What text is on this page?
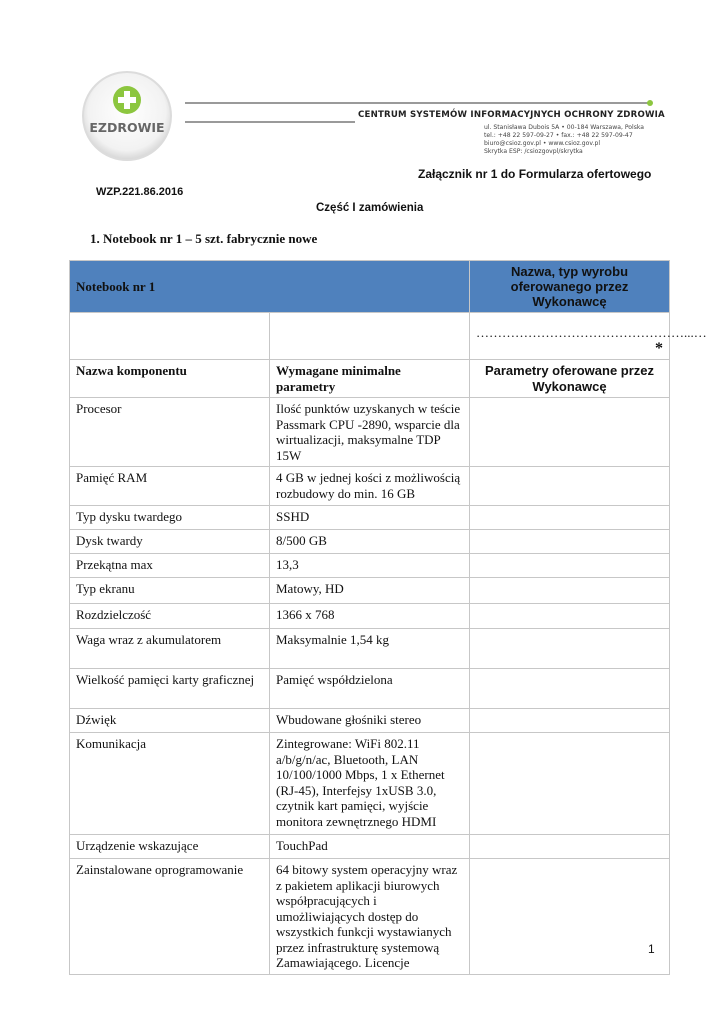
EZDROWIE
CENTRUM SYSTEMÓW INFORMACYJNYCH OCHRONY ZDROWIA
ul. Stanisława Dubois 5A • 00-184 Warszawa, Polska
tel.: +48 22 597-09-27 • fax.: +48 22 597-09-47
biuro@csioz.gov.pl • www.csioz.gov.pl
Skrytka ESP: /csiozgovpl/skrytka
Załącznik nr 1 do Formularza ofertowego
WZP.221.86.2016
Część I zamówienia
1. Notebook nr 1 – 5 szt. fabrycznie nowe
Notebook nr 1		Nazwa, typ wyrobu oferowanego przez Wykonawcę
		…………………………………………...…*
Nazwa komponentu	Wymagane minimalne parametry	Parametry oferowane przez Wykonawcę
Procesor	Ilość punktów uzyskanych w teście Passmark CPU -2890, wsparcie dla wirtualizacji, maksymalne TDP 15W	
Pamięć RAM	4 GB w jednej kości z możliwością rozbudowy do min. 16 GB	
Typ dysku twardego	SSHD	
Dysk twardy	8/500 GB	
Przekątna max	13,3	
Typ ekranu	Matowy, HD	
Rozdzielczość	1366 x 768	
Waga wraz z akumulatorem	Maksymalnie 1,54 kg	
Wielkość pamięci karty graficznej	Pamięć współdzielona	
Dźwięk	Wbudowane głośniki stereo	
Komunikacja	Zintegrowane: WiFi 802.11 a/b/g/n/ac, Bluetooth, LAN 10/100/1000 Mbps, 1 x Ethernet (RJ-45), Interfejsy 1xUSB 3.0, czytnik kart pamięci, wyjście monitora zewnętrznego HDMI	
Urządzenie wskazujące	TouchPad	
Zainstalowane oprogramowanie	64 bitowy system operacyjny wraz z pakietem aplikacji biurowych współpracujących i umożliwiających dostęp do wszystkich funkcji wystawianych przez infrastrukturę systemową Zamawiającego. Licencje	
1
